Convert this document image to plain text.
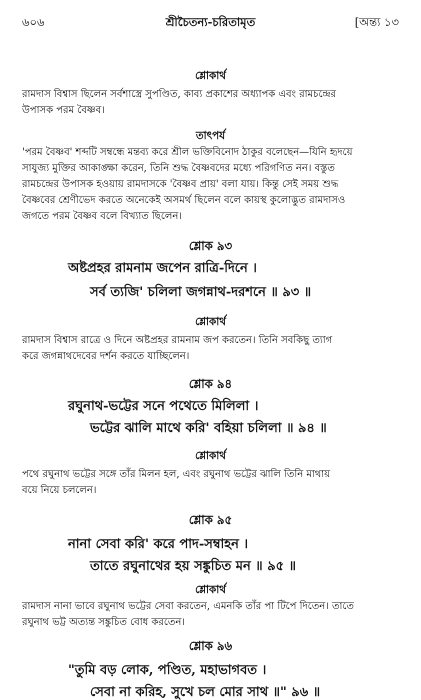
শ্রীচৈতন্য-চরিতামৃত
৬০৬	[অন্ত্য ১৩
শ্লোকার্থ
রামদাস বিশ্বাস ছিলেন সর্বশাস্ত্রে সুপণ্ডিত, কাব্য প্রকাশের অধ্যাপক এবং রামচন্দ্রের
উপাসক পরম বৈষ্ণব।
তাৎপর্য
'পরম বৈষ্ণব' শব্দটি সম্বন্ধে মন্তব্য করে শ্রীল ভক্তিবিনোদ ঠাকুর বলেছেন—যিনি হৃদয়ে
সাযুজ্য মুক্তির আকাঙ্ক্ষা করেন, তিনি শুদ্ধ বৈষ্ণবদের মধ্যে পরিগণিত নন। বস্তুত
রামচন্দ্রের উপাসক হওয়ায় রামদাসকে 'বৈষ্ণব প্রায়' বলা যায়। কিন্তু সেই সময় শুদ্ধ
বৈষ্ণবের শ্রেণীভেদ করতে অনেকেই অসমর্থ ছিলেন বলে কায়স্থ কুলোদ্ভুত রামদাসও
জগতে পরম বৈষ্ণব বলে বিখ্যাত ছিলেন।
শ্লোক ৯৩
অষ্টপ্রহর রামনাম জপেন রাত্রি-দিনে ।
সর্ব ত্যজি' চলিলা জগন্নাথ-দরশনে ॥ ৯৩ ॥
শ্লোকার্থ
রামদাস বিশ্বাস রাত্রে ও দিনে অষ্টপ্রহর রামনাম জপ করতেন। তিনি সবকিছু ত্যাগ
করে জগন্নাথদেবের দর্শন করতে যাচ্ছিলেন।
শ্লোক ৯৪
রঘুনাথ-ভট্টের সনে পথেতে মিলিলা ।
ভট্টের ঝালি মাথে করি' বহিয়া চলিলা ॥ ৯৪ ॥
শ্লোকার্থ
পথে রঘুনাথ ভট্টের সঙ্গে তাঁর মিলন হল, এবং রঘুনাথ ভট্টের ঝালি তিনি মাথায়
বয়ে নিয়ে চললেন।
শ্লোক ৯৫
নানা সেবা করি' করে পাদ-সম্বাহন ।
তাতে রঘুনাথের হয় সঙ্কুচিত মন ॥ ৯৫ ॥
শ্লোকার্থ
রামদাস নানা ভাবে রঘুনাথ ভট্টের সেবা করতেন, এমনকি তাঁর পা টিপে দিতেন। তাতে
রঘুনাথ ভট্ট অত্যন্ত সঙ্কুচিত বোধ করতেন।
শ্লোক ৯৬
"তুমি বড় লোক, পণ্ডিত, মহাভাগবত ।
সেবা না করিহ, সুখে চল মোর সাথ ॥" ৯৬ ॥
